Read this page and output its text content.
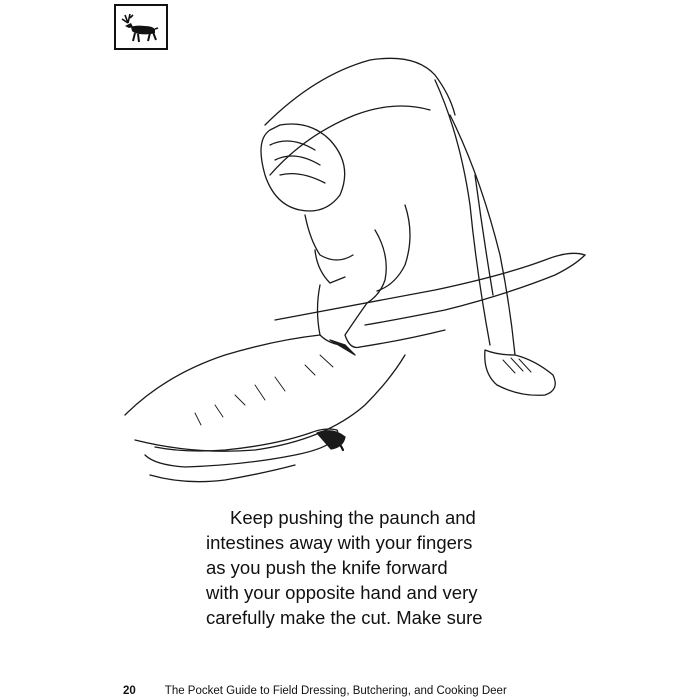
Keep pushing the paunch and

intestines away with your fingers

as you push the knife forward

with your opposite hand and very

carefully make the cut. Make sure

20	The Pocket Guide to Field Dressing, Butchering, and Cooking Deer
